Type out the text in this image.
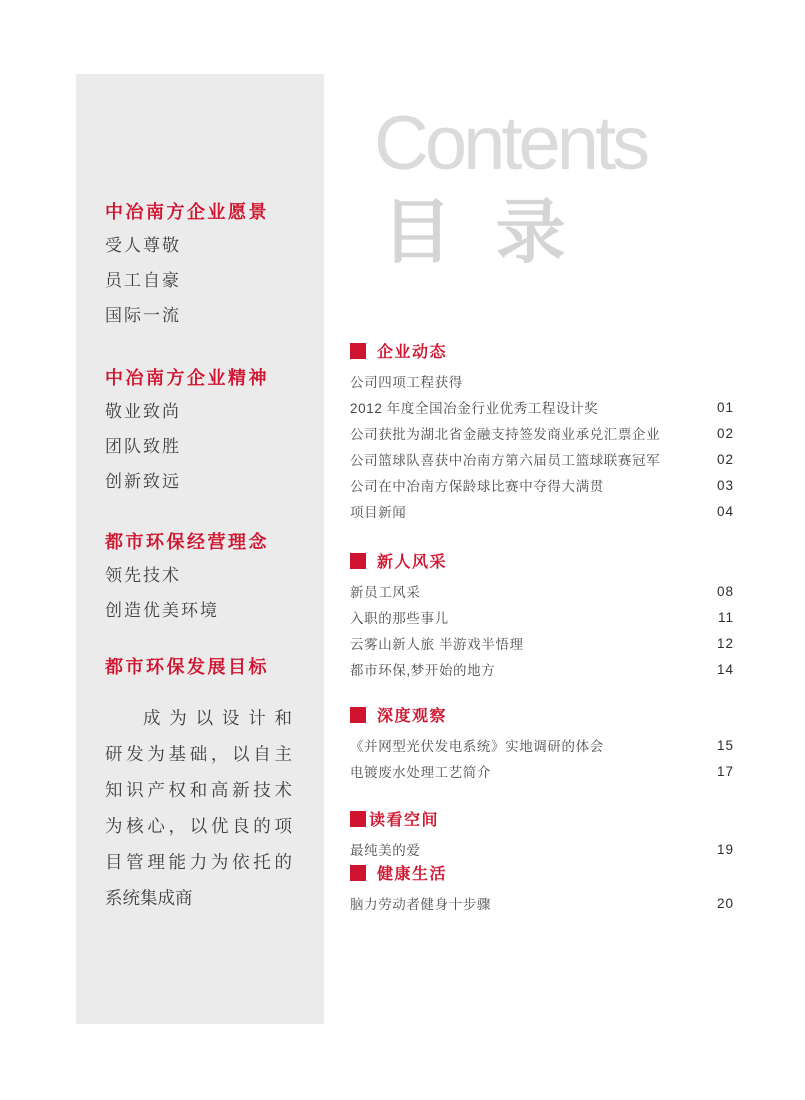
中冶南方企业愿景
受人尊敬
员工自豪
国际一流
中冶南方企业精神
敬业致尚
团队致胜
创新致远
都市环保经营理念
领先技术
创造优美环境
都市环保发展目标
成为以设计和
研发为基础，以自主
知识产权和高新技术
为核心，以优良的项
目管理能力为依托的
系统集成商
Contents
目 录
企业动态
公司四项工程获得
2012 年度全国冶金行业优秀工程设计奖	01
公司获批为湖北省金融支持签发商业承兑汇票企业	02
公司篮球队喜获中冶南方第六届员工篮球联赛冠军	02
公司在中冶南方保龄球比赛中夺得大满贯	03
项目新闻	04
新人风采
新员工风采	08
入职的那些事儿	11
云雾山新人旅 半游戏半悟理	12
都市环保,梦开始的地方	14
深度观察
《并网型光伏发电系统》实地调研的体会	15
电镀废水处理工艺简介	17
读看空间
最纯美的爱	19
健康生活
脑力劳动者健身十步骤	20
